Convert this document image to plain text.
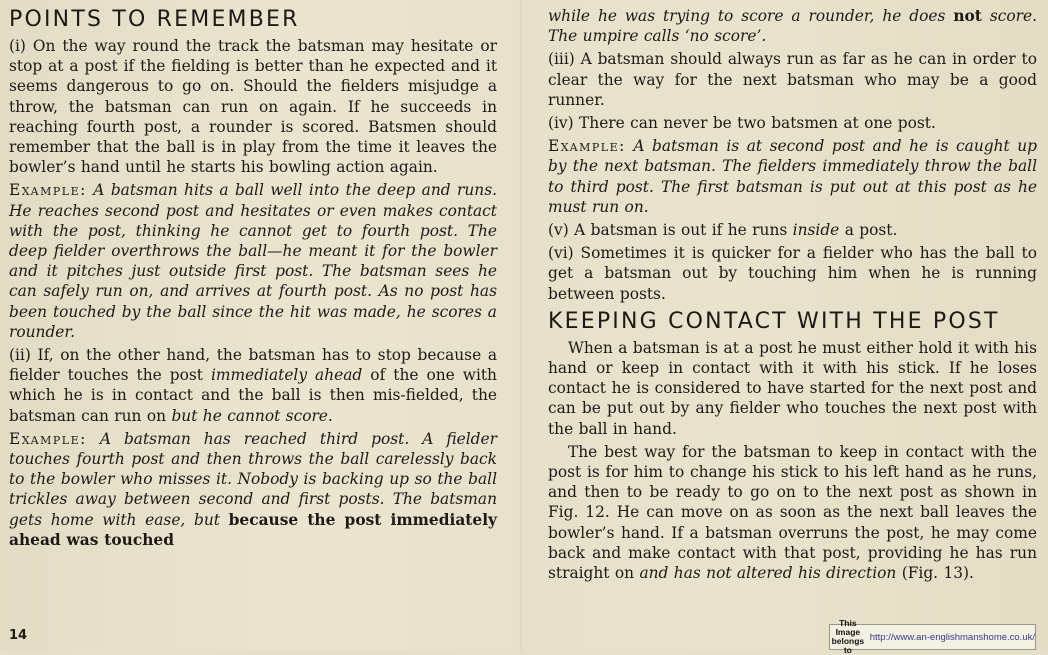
POINTS TO REMEMBER

(i) On the way round the track the batsman may hesitate or stop at a post if the fielding is better than he expected and it seems dangerous to go on. Should the fielders misjudge a throw, the batsman can run on again. If he succeeds in reaching fourth post, a rounder is scored. Batsmen should remember that the ball is in play from the time it leaves the bowler’s hand until he starts his bowling action again.

Example: A batsman hits a ball well into the deep and runs. He reaches second post and hesitates or even makes contact with the post, thinking he cannot get to fourth post. The deep fielder overthrows the ball—he meant it for the bowler and it pitches just outside first post. The batsman sees he can safely run on, and arrives at fourth post. As no post has been touched by the ball since the hit was made, he scores a rounder.

(ii) If, on the other hand, the batsman has to stop because a fielder touches the post immediately ahead of the one with which he is in contact and the ball is then mis-fielded, the batsman can run on but he cannot score.

Example: A batsman has reached third post. A fielder touches fourth post and then throws the ball carelessly back to the bowler who misses it. Nobody is backing up so the ball trickles away between second and first posts. The batsman gets home with ease, but because the post immediately ahead was touched

while he was trying to score a rounder, he does not score. The umpire calls ‘no score’.

(iii) A batsman should always run as far as he can in order to clear the way for the next batsman who may be a good runner.

(iv) There can never be two batsmen at one post.

Example: A batsman is at second post and he is caught up by the next batsman. The fielders immediately throw the ball to third post. The first batsman is put out at this post as he must run on.

(v) A batsman is out if he runs inside a post.

(vi) Sometimes it is quicker for a fielder who has the ball to get a batsman out by touching him when he is running between posts.

KEEPING CONTACT WITH THE POST

When a batsman is at a post he must either hold it with his hand or keep in contact with it with his stick. If he loses contact he is considered to have started for the next post and can be put out by any fielder who touches the next post with the ball in hand.

The best way for the batsman to keep in contact with the post is for him to change his stick to his left hand as he runs, and then to be ready to go on to the next post as shown in Fig. 12. He can move on as soon as the next ball leaves the bowler’s hand. If a batsman overruns the post, he may come back and make contact with that post, providing he has run straight on and has not altered his direction (Fig. 13).

14
This Image belongs to
http://www.an-englishmanshome.co.uk/
